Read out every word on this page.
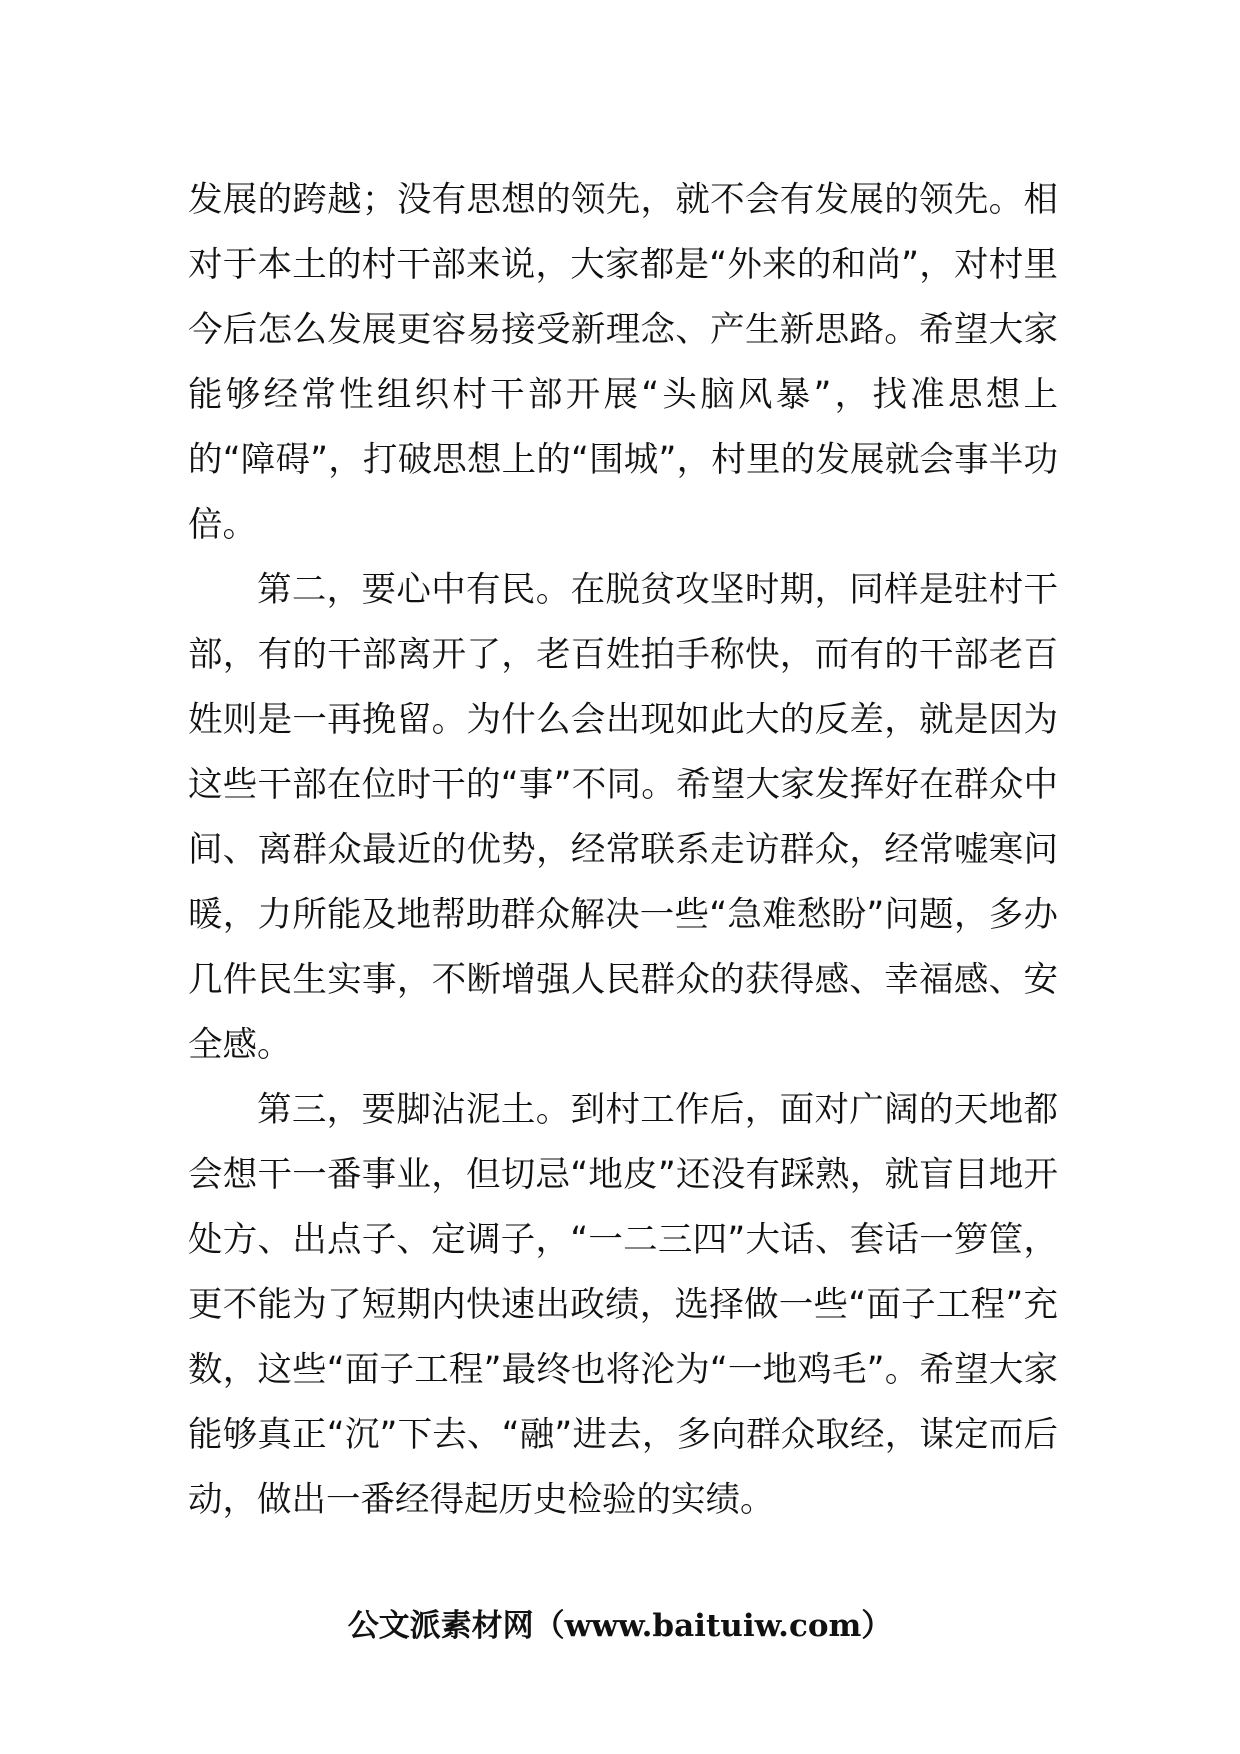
发展的跨越；没有思想的领先，就不会有发展的领先。相对于本土的村干部来说，大家都是“外来的和尚”，对村里今后怎么发展更容易接受新理念、产生新思路。希望大家能够经常性组织村干部开展“头脑风暴”，找准思想上的“障碍”，打破思想上的“围城”，村里的发展就会事半功倍。

第二，要心中有民。在脱贫攻坚时期，同样是驻村干部，有的干部离开了，老百姓拍手称快，而有的干部老百姓则是一再挽留。为什么会出现如此大的反差，就是因为这些干部在位时干的“事”不同。希望大家发挥好在群众中间、离群众最近的优势，经常联系走访群众，经常嘘寒问暖，力所能及地帮助群众解决一些“急难愁盼”问题，多办几件民生实事，不断增强人民群众的获得感、幸福感、安全感。

第三，要脚沾泥土。到村工作后，面对广阔的天地都会想干一番事业，但切忌“地皮”还没有踩熟，就盲目地开处方、出点子、定调子，“一二三四”大话、套话一箩筐，更不能为了短期内快速出政绩，选择做一些“面子工程”充数，这些“面子工程”最终也将沦为“一地鸡毛”。希望大家能够真正“沉”下去、“融”进去，多向群众取经，谋定而后动，做出一番经得起历史检验的实绩。

公文派素材网（www.baituiw.com）
